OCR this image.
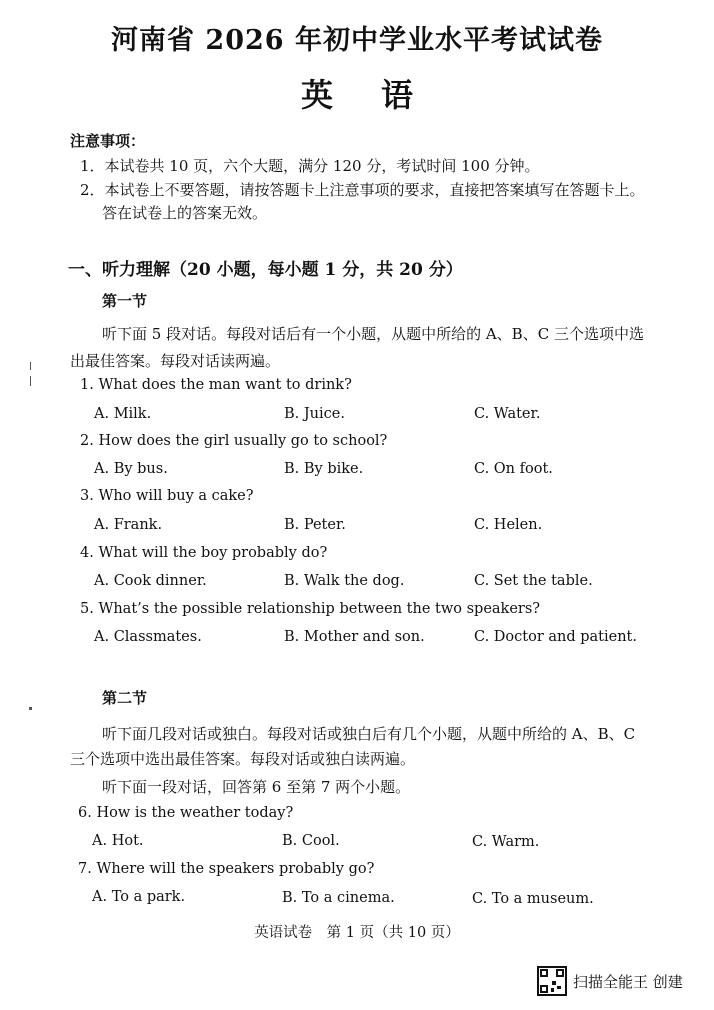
河南省 2026 年初中学业水平考试试卷
英语
注意事项：
1．本试卷共 10 页，六个大题，满分 120 分，考试时间 100 分钟。
2．本试卷上不要答题，请按答题卡上注意事项的要求，直接把答案填写在答题卡上。
答在试卷上的答案无效。
一、听力理解（20 小题，每小题 1 分，共 20 分）
第一节
听下面 5 段对话。每段对话后有一个小题，从题中所给的 A、B、C 三个选项中选
出最佳答案。每段对话读两遍。
1. What does the man want to drink?
A. Milk.	B. Juice.	C. Water.
2. How does the girl usually go to school?
A. By bus.	B. By bike.	C. On foot.
3. Who will buy a cake?
A. Frank.	B. Peter.	C. Helen.
4. What will the boy probably do?
A. Cook dinner.	B. Walk the dog.	C. Set the table.
5. What’s the possible relationship between the two speakers?
A. Classmates.	B. Mother and son.	C. Doctor and patient.
第二节
听下面几段对话或独白。每段对话或独白后有几个小题，从题中所给的 A、B、C
三个选项中选出最佳答案。每段对话或独白读两遍。
听下面一段对话，回答第 6 至第 7 两个小题。
6. How is the weather today?
A. Hot.	B. Cool.	C. Warm.
7. Where will the speakers probably go?
A. To a park.	B. To a cinema.	C. To a museum.
英语试卷　第 1 页（共 10 页）
扫描全能王 创建
